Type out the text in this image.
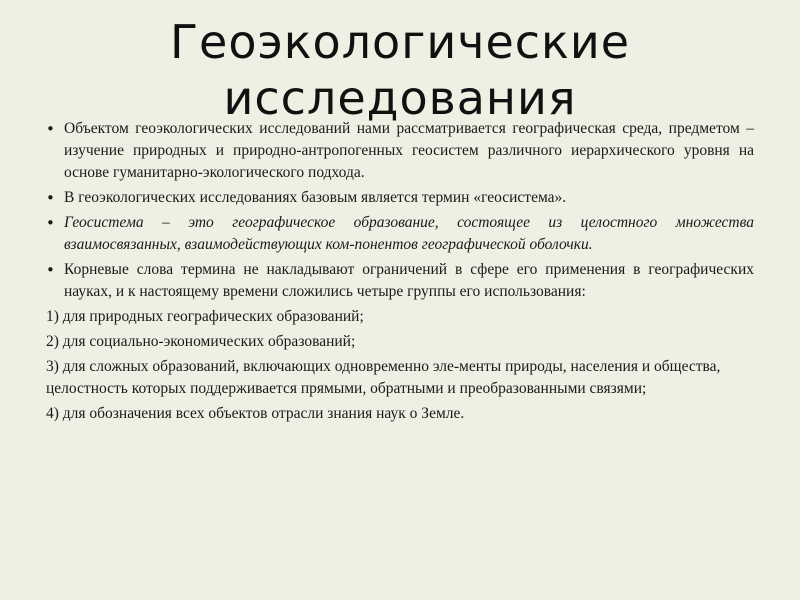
Геоэкологические
исследования
• Объектом геоэкологических исследований нами рассматривается географическая среда, предметом – изучение природных и природно-антропогенных геосистем различного иерархического уровня на основе гуманитарно-экологического подхода.
• В геоэкологических исследованиях базовым является термин «геосистема».
• Геосистема – это географическое образование, состоящее из целостного множества взаимосвязанных, взаимодействующих ком-понентов географической оболочки.
• Корневые слова термина не накладывают ограничений в сфере его применения в географических науках, и к настоящему времени сложились четыре группы его использования:
1) для природных географических образований;
2) для социально-экономических образований;
3) для сложных образований, включающих одновременно эле-менты природы, населения и общества, целостность которых поддерживается прямыми, обратными и преобразованными связями;
4) для обозначения всех объектов отрасли знания наук о Земле.
